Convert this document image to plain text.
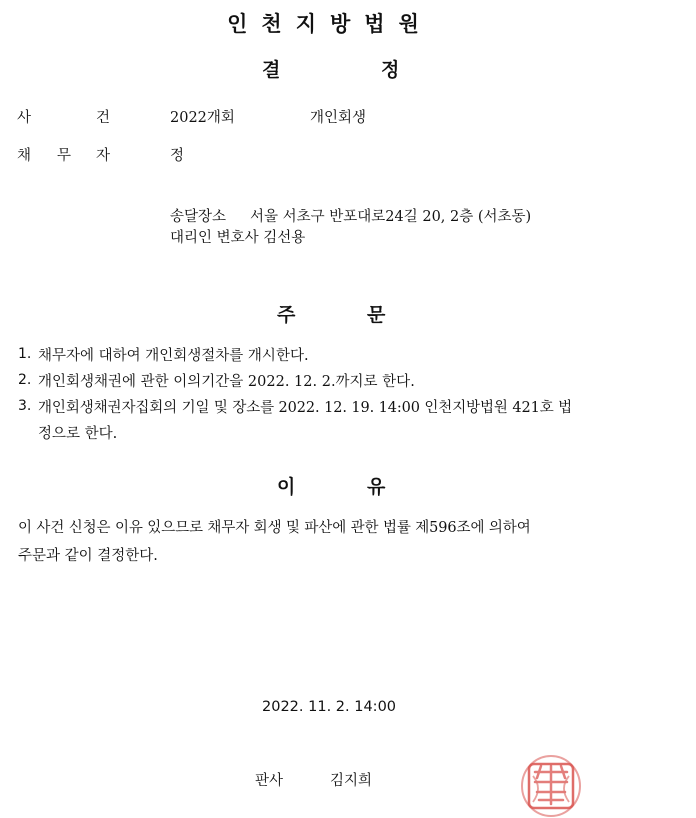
인천지방법원
결	정
사	건	2022개회	개인회생
채 무 자	정
송달장소 서울 서초구 반포대로24길 20, 2층 (서초동)
대리인 변호사 김선용
주	문
1. 채무자에 대하여 개인회생절차를 개시한다.
2. 개인회생채권에 관한 이의기간을 2022. 12. 2.까지로 한다.
3. 개인회생채권자집회의 기일 및 장소를 2022. 12. 19. 14:00 인천지방법원 421호 법
정으로 한다.
이	유
이 사건 신청은 이유 있으므로 채무자 회생 및 파산에 관한 법률 제596조에 의하여
주문과 같이 결정한다.
2022. 11. 2. 14:00
판사	김지희
